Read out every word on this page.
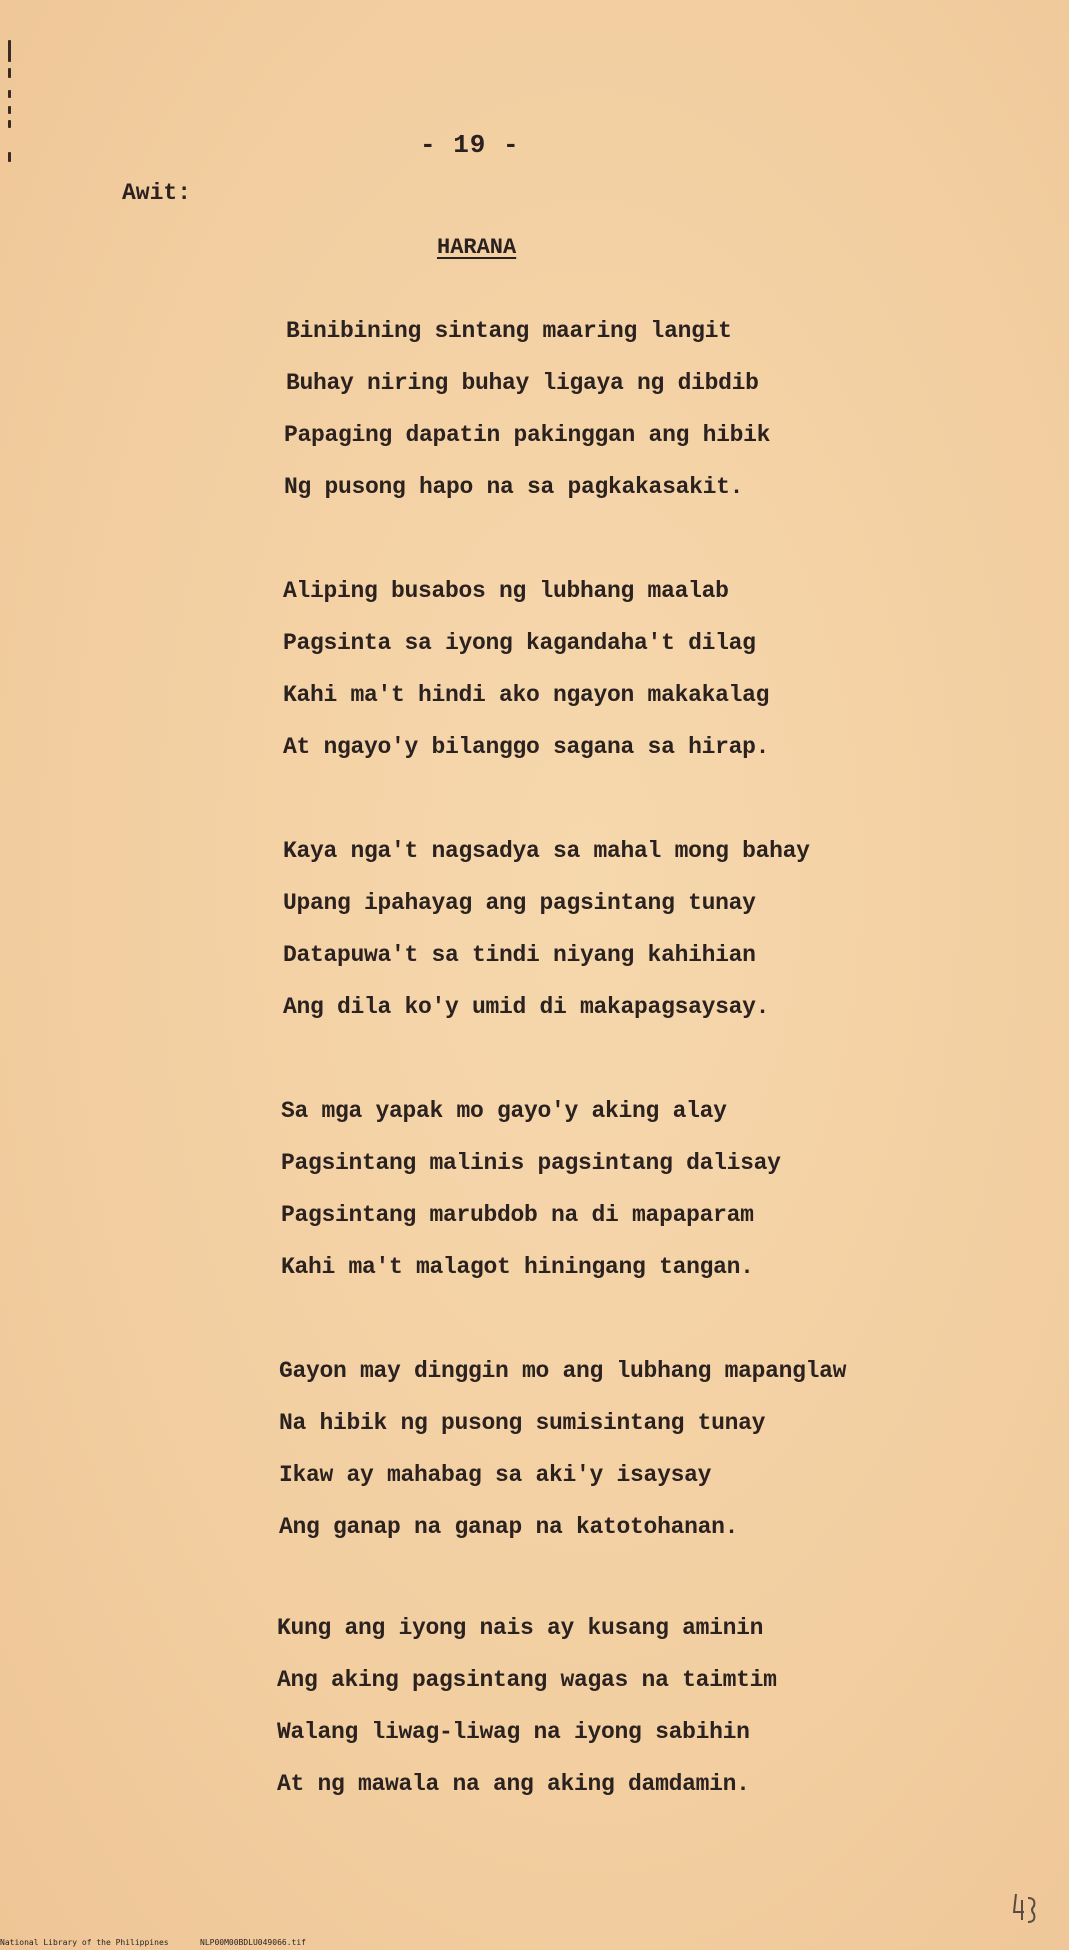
- 19 -
Awit:
HARANA
Binibining sintang maaring langit
Buhay niring buhay ligaya ng dibdib
Papaging dapatin pakinggan ang hibik
Ng pusong hapo na sa pagkakasakit.
Aliping busabos ng lubhang maalab
Pagsinta sa iyong kagandaha't dilag
Kahi ma't hindi ako ngayon makakalag
At ngayo'y bilanggo sagana sa hirap.
Kaya nga't nagsadya sa mahal mong bahay
Upang ipahayag ang pagsintang tunay
Datapuwa't sa tindi niyang kahihian
Ang dila ko'y umid di makapagsaysay.
Sa mga yapak mo gayo'y aking alay
Pagsintang malinis pagsintang dalisay
Pagsintang marubdob na di mapaparam
Kahi ma't malagot hiningang tangan.
Gayon may dinggin mo ang lubhang mapanglaw
Na hibik ng pusong sumisintang tunay
Ikaw ay mahabag sa aki'y isaysay
Ang ganap na ganap na katotohanan.
Kung ang iyong nais ay kusang aminin
Ang aking pagsintang wagas na taimtim
Walang liwag-liwag na iyong sabihin
At ng mawala na ang aking damdamin.
National Library of the Philippines	NLP00M00BDLU049066.tif
